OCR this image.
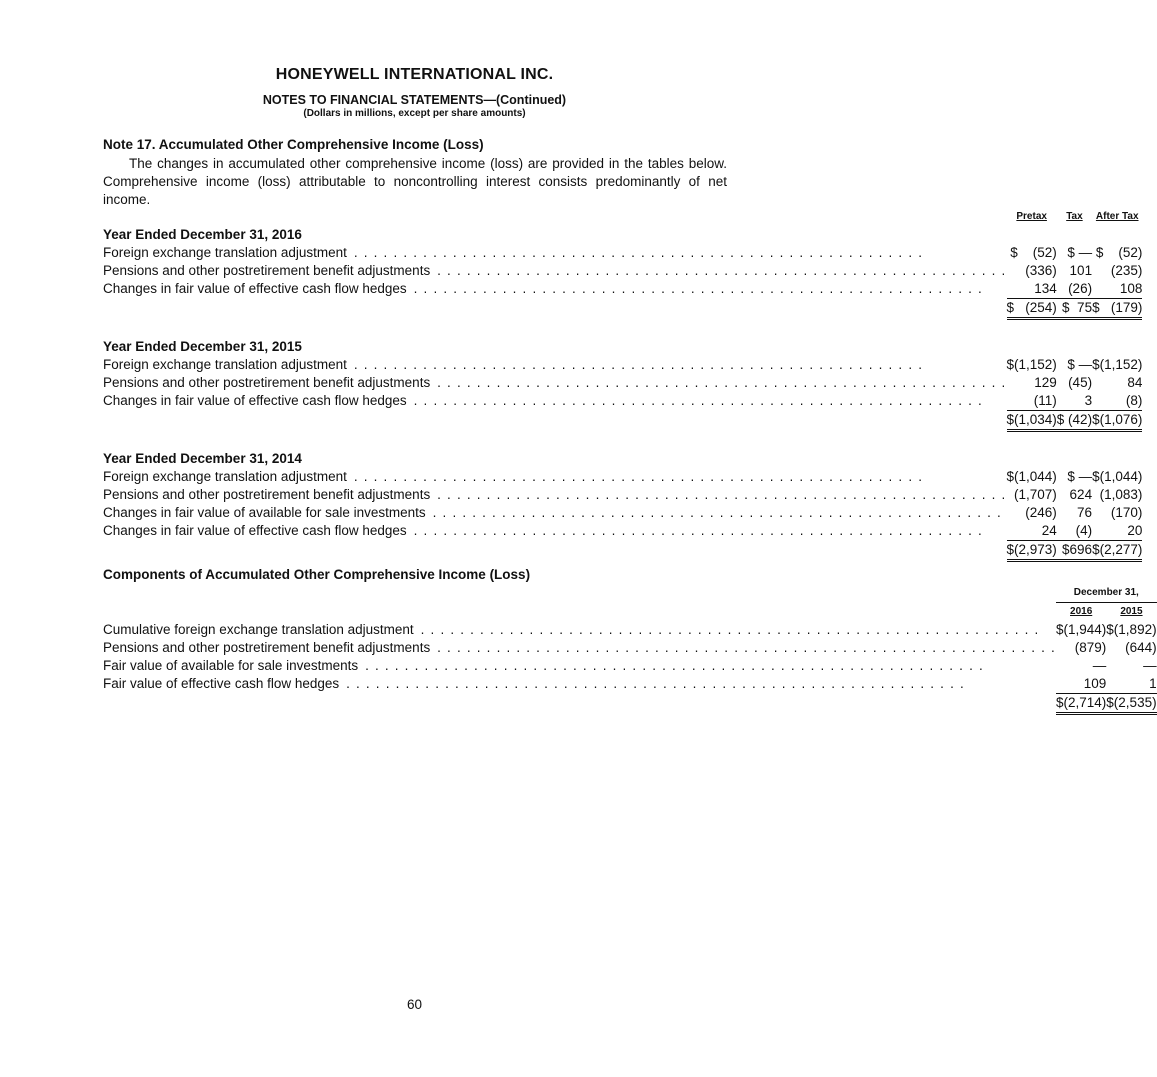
HONEYWELL INTERNATIONAL INC.
NOTES TO FINANCIAL STATEMENTS—(Continued)
(Dollars in millions, except per share amounts)
Note 17. Accumulated Other Comprehensive Income (Loss)

The changes in accumulated other comprehensive income (loss) are provided in the tables below. Comprehensive income (loss) attributable to noncontrolling interest consists predominantly of net income.

	Pretax	Tax	After Tax
Year Ended December 31, 2016			

Foreign exchange translation adjustment . . . . . . . . . . . . . . . . . . . . . . . . . . . . . . . . . . . . . . . . . . . . . . . . . . . . . . . . . .	$    (52)	$ —	$    (52)

Pensions and other postretirement benefit adjustments . . . . . . . . . . . . . . . . . . . . . . . . . . . . . . . . . . . . . . . . . . . . . . . . . . . . . . . . . .	(336)	101	(235)

Changes in fair value of effective cash flow hedges . . . . . . . . . . . . . . . . . . . . . . . . . . . . . . . . . . . . . . . . . . . . . . . . . . . . . . . . . .	134	(26)	108
	$   (254)	$  75	$   (179)

Year Ended December 31, 2015			

Foreign exchange translation adjustment . . . . . . . . . . . . . . . . . . . . . . . . . . . . . . . . . . . . . . . . . . . . . . . . . . . . . . . . . .	$(1,152)	$ —	$(1,152)

Pensions and other postretirement benefit adjustments . . . . . . . . . . . . . . . . . . . . . . . . . . . . . . . . . . . . . . . . . . . . . . . . . . . . . . . . . .	129	(45)	84

Changes in fair value of effective cash flow hedges . . . . . . . . . . . . . . . . . . . . . . . . . . . . . . . . . . . . . . . . . . . . . . . . . . . . . . . . . .	(11)	3	(8)
	$(1,034)	$ (42)	$(1,076)

Year Ended December 31, 2014			

Foreign exchange translation adjustment . . . . . . . . . . . . . . . . . . . . . . . . . . . . . . . . . . . . . . . . . . . . . . . . . . . . . . . . . .	$(1,044)	$ —	$(1,044)

Pensions and other postretirement benefit adjustments . . . . . . . . . . . . . . . . . . . . . . . . . . . . . . . . . . . . . . . . . . . . . . . . . . . . . . . . . .	(1,707)	624	(1,083)

Changes in fair value of available for sale investments . . . . . . . . . . . . . . . . . . . . . . . . . . . . . . . . . . . . . . . . . . . . . . . . . . . . . . . . . .	(246)	76	(170)

Changes in fair value of effective cash flow hedges . . . . . . . . . . . . . . . . . . . . . . . . . . . . . . . . . . . . . . . . . . . . . . . . . . . . . . . . . .	24	(4)	20
	$(2,973)	$696	$(2,277)
Components of Accumulated Other Comprehensive Income (Loss)		
	December 31,	
	2016	2015

Cumulative foreign exchange translation adjustment . . . . . . . . . . . . . . . . . . . . . . . . . . . . . . . . . . . . . . . . . . . . . . . . . . . . . . . . . . . . . . .	$(1,944)	$(1,892)

Pensions and other postretirement benefit adjustments . . . . . . . . . . . . . . . . . . . . . . . . . . . . . . . . . . . . . . . . . . . . . . . . . . . . . . . . . . . . . . .	(879)	(644)

Fair value of available for sale investments . . . . . . . . . . . . . . . . . . . . . . . . . . . . . . . . . . . . . . . . . . . . . . . . . . . . . . . . . . . . . . .	—	—

Fair value of effective cash flow hedges . . . . . . . . . . . . . . . . . . . . . . . . . . . . . . . . . . . . . . . . . . . . . . . . . . . . . . . . . . . . . . .	109	1
	$(2,714)	$(2,535)
60
